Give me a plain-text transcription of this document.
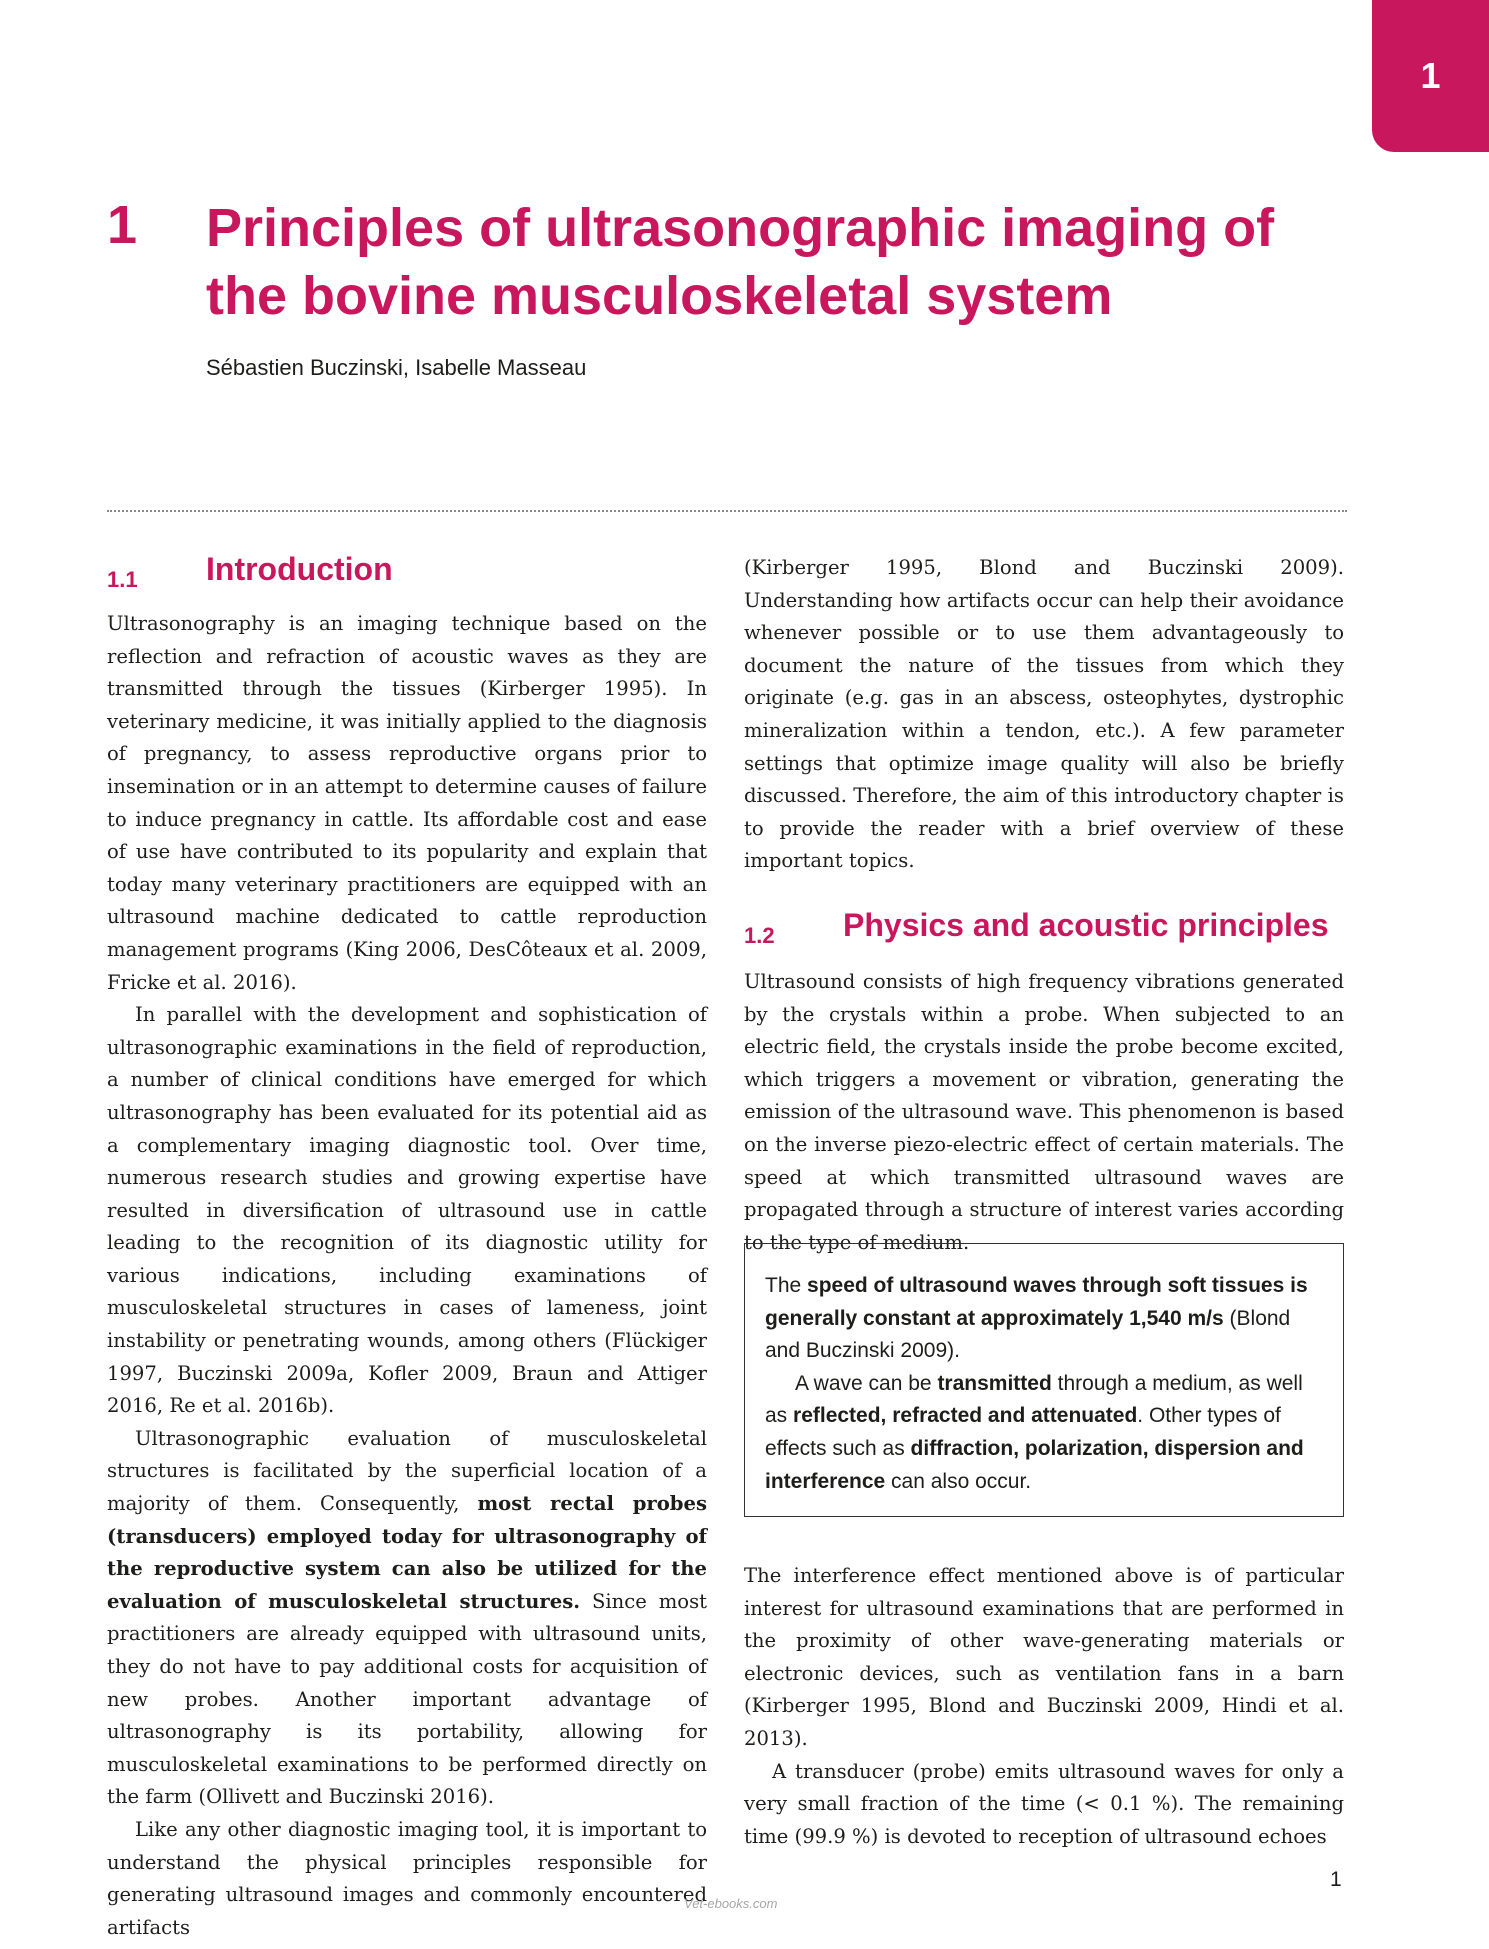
1
1 Principles of ultrasonographic imaging of the bovine musculoskeletal system
Sébastien Buczinski, Isabelle Masseau
1.1 Introduction

Ultrasonography is an imaging technique based on the reflection and refraction of acoustic waves as they are transmitted through the tissues (Kirberger 1995). In veterinary medicine, it was initially applied to the diagnosis of pregnancy, to assess reproductive organs prior to insemination or in an attempt to determine causes of failure to induce pregnancy in cattle. Its affordable cost and ease of use have contributed to its popularity and explain that today many veterinary practitioners are equipped with an ultrasound machine dedicated to cattle reproduction management programs (King 2006, DesCôteaux et al. 2009, Fricke et al. 2016).

In parallel with the development and sophistication of ultrasonographic examinations in the field of reproduction, a number of clinical conditions have emerged for which ultrasonography has been evaluated for its potential aid as a complementary imaging diagnostic tool. Over time, numerous research studies and growing expertise have resulted in diversification of ultrasound use in cattle leading to the recognition of its diagnostic utility for various indications, including examinations of musculoskeletal structures in cases of lameness, joint instability or penetrating wounds, among others (Flückiger 1997, Buczinski 2009a, Kofler 2009, Braun and Attiger 2016, Re et al. 2016b).

Ultrasonographic evaluation of musculoskeletal structures is facilitated by the superficial location of a majority of them. Consequently, most rectal probes (transducers) employed today for ultrasonography of the reproductive system can also be utilized for the evaluation of musculoskeletal structures. Since most practitioners are already equipped with ultrasound units, they do not have to pay additional costs for acquisition of new probes. Another important advantage of ultrasonography is its portability, allowing for musculoskeletal examinations to be performed directly on the farm (Ollivett and Buczinski 2016).

Like any other diagnostic imaging tool, it is important to understand the physical principles responsible for generating ultrasound images and commonly encountered artifacts

(Kirberger 1995, Blond and Buczinski 2009). Understanding how artifacts occur can help their avoidance whenever possible or to use them advantageously to document the nature of the tissues from which they originate (e.g. gas in an abscess, osteophytes, dystrophic mineralization within a tendon, etc.). A few parameter settings that optimize image quality will also be briefly discussed. Therefore, the aim of this introductory chapter is to provide the reader with a brief overview of these important topics.

1.2 Physics and acoustic principles

Ultrasound consists of high frequency vibrations generated by the crystals within a probe. When subjected to an electric field, the crystals inside the probe become excited, which triggers a movement or vibration, generating the emission of the ultrasound wave. This phenomenon is based on the inverse piezo-electric effect of certain materials. The speed at which transmitted ultrasound waves are propagated through a structure of interest varies according to the type of medium.

The speed of ultrasound waves through soft tissues is generally constant at approximately 1,540 m/s (Blond and Buczinski 2009).

A wave can be transmitted through a medium, as well as reflected, refracted and attenuated. Other types of effects such as diffraction, polarization, dispersion and interference can also occur.

The interference effect mentioned above is of particular interest for ultrasound examinations that are performed in the proximity of other wave-generating materials or electronic devices, such as ventilation fans in a barn (Kirberger 1995, Blond and Buczinski 2009, Hindi et al. 2013).

A transducer (probe) emits ultrasound waves for only a very small fraction of the time (< 0.1 %). The remaining time (99.9 %) is devoted to reception of ultrasound echoes

1
Vet-ebooks.com
